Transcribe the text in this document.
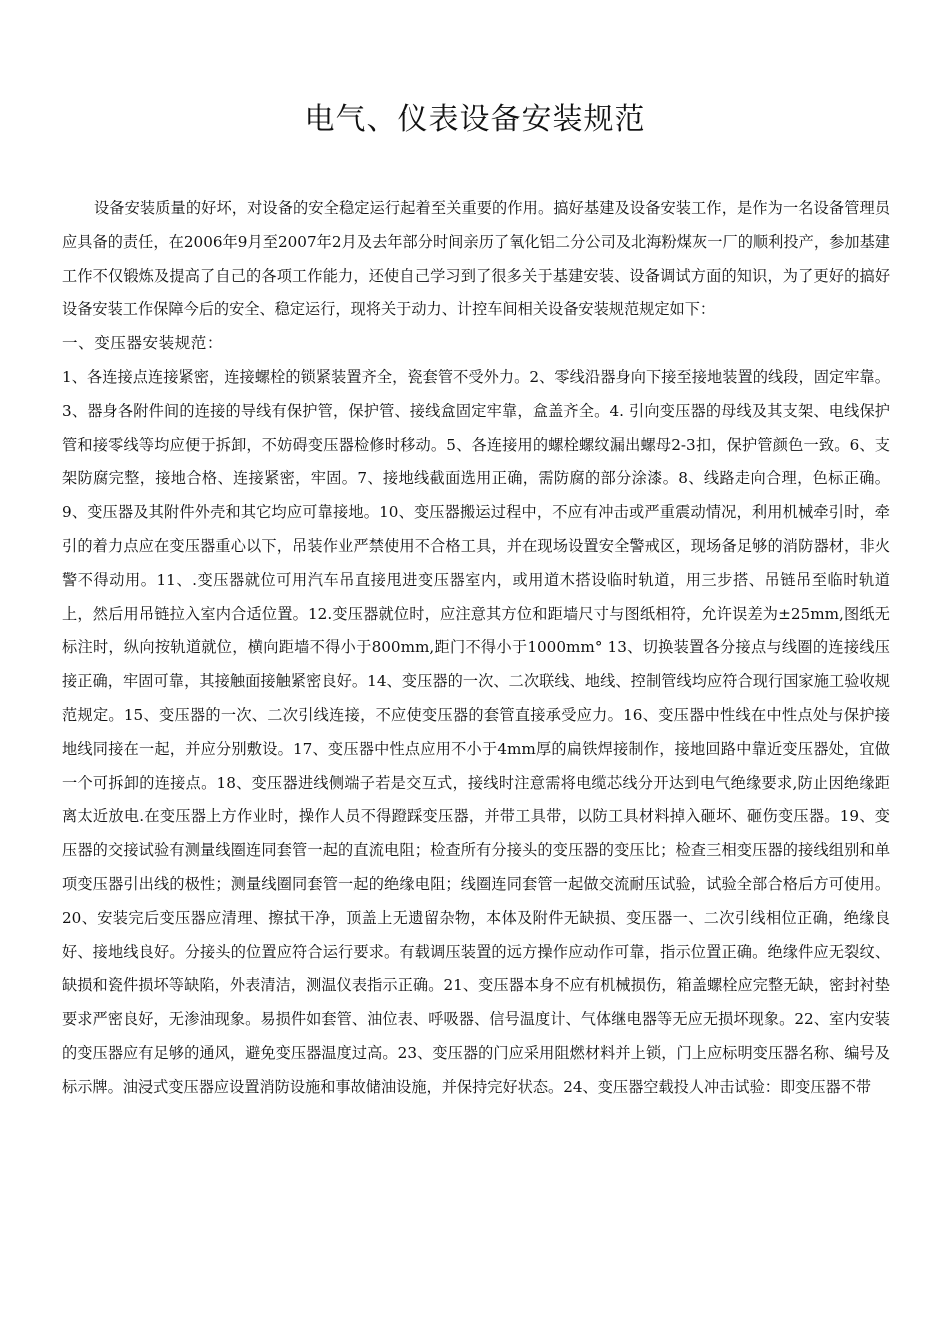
电气、仪表设备安装规范

设备安装质量的好坏，对设备的安全稳定运行起着至关重要的作用。搞好基建及设备安装工作，是作为一名设备管理员应具备的责任，在2006年9月至2007年2月及去年部分时间亲历了氧化铝二分公司及北海粉煤灰一厂的顺利投产，参加基建工作不仅锻炼及提高了自己的各项工作能力，还使自己学习到了很多关于基建安装、设备调试方面的知识，为了更好的搞好设备安装工作保障今后的安全、稳定运行，现将关于动力、计控车间相关设备安装规范规定如下：

一、变压器安装规范：

1、各连接点连接紧密，连接螺栓的锁紧装置齐全，瓷套管不受外力。2、零线沿器身向下接至接地装置的线段，固定牢靠。3、器身各附件间的连接的导线有保护管，保护管、接线盒固定牢靠，盒盖齐全。4. 引向变压器的母线及其支架、电线保护管和接零线等均应便于拆卸，不妨碍变压器检修时移动。5、各连接用的螺栓螺纹漏出螺母2-3扣，保护管颜色一致。6、支架防腐完整，接地合格、连接紧密，牢固。7、接地线截面选用正确，需防腐的部分涂漆。8、线路走向合理，色标正确。9、变压器及其附件外壳和其它均应可靠接地。10、变压器搬运过程中，不应有冲击或严重震动情况，利用机械牵引时，牵引的着力点应在变压器重心以下，吊装作业严禁使用不合格工具，并在现场设置安全警戒区，现场备足够的消防器材，非火警不得动用。11、.变压器就位可用汽车吊直接甩进变压器室内，或用道木搭设临时轨道，用三步搭、吊链吊至临时轨道上，然后用吊链拉入室内合适位置。12.变压器就位时，应注意其方位和距墙尺寸与图纸相符，允许误差为±25mm,图纸无标注时，纵向按轨道就位，横向距墙不得小于800mm,距门不得小于1000mm° 13、切换装置各分接点与线圈的连接线压接正确，牢固可靠，其接触面接触紧密良好。14、变压器的一次、二次联线、地线、控制管线均应符合现行国家施工验收规范规定。15、变压器的一次、二次引线连接，不应使变压器的套管直接承受应力。16、变压器中性线在中性点处与保护接地线同接在一起，并应分别敷设。17、变压器中性点应用不小于4mm厚的扁铁焊接制作，接地回路中靠近变压器处，宜做一个可拆卸的连接点。18、变压器进线侧端子若是交互式，接线时注意需将电缆芯线分开达到电气绝缘要求,防止因绝缘距离太近放电.在变压器上方作业时，操作人员不得蹬踩变压器，并带工具带，以防工具材料掉入砸坏、砸伤变压器。19、变压器的交接试验有测量线圈连同套管一起的直流电阻；检查所有分接头的变压器的变压比；检查三相变压器的接线组别和单项变压器引出线的极性；测量线圈同套管一起的绝缘电阻；线圈连同套管一起做交流耐压试验，试验全部合格后方可使用。20、安装完后变压器应清理、擦拭干净，顶盖上无遗留杂物，本体及附件无缺损、变压器一、二次引线相位正确，绝缘良好、接地线良好。分接头的位置应符合运行要求。有载调压装置的远方操作应动作可靠，指示位置正确。绝缘件应无裂纹、缺损和瓷件损坏等缺陷，外表清洁，测温仪表指示正确。21、变压器本身不应有机械损伤，箱盖螺栓应完整无缺，密封衬垫要求严密良好，无渗油现象。易损件如套管、油位表、呼吸器、信号温度计、气体继电器等无应无损坏现象。22、室内安装的变压器应有足够的通风，避免变压器温度过高。23、变压器的门应采用阻燃材料并上锁，门上应标明变压器名称、编号及标示牌。油浸式变压器应设置消防设施和事故储油设施，并保持完好状态。24、变压器空载投人冲击试验：即变压器不带
